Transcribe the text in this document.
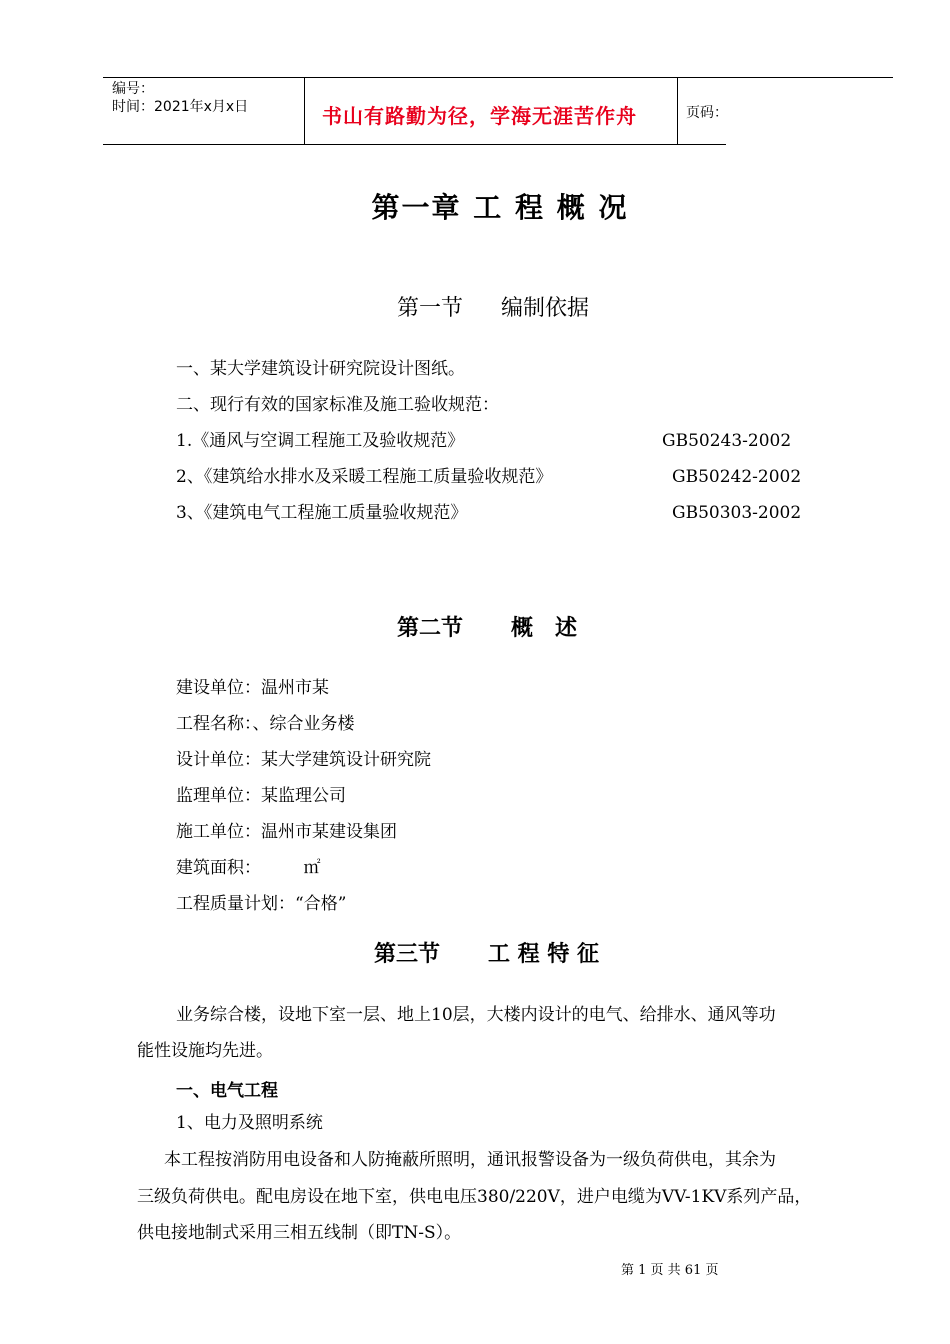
编号：
时间：2021年x月x日	书山有路勤为径，学海无涯苦作舟	页码：
第一章 工 程 概 况
第一节 编制依据
一、某大学建筑设计研究院设计图纸。
二、现行有效的国家标准及施工验收规范：
1.《通风与空调工程施工及验收规范》	GB50243-2002
2、《建筑给水排水及采暖工程施工质量验收规范》	GB50242-2002
3、《建筑电气工程施工质量验收规范》	GB50303-2002
第二节 概　述
建设单位：温州市某
工程名称：、综合业务楼
设计单位：某大学建筑设计研究院
监理单位：某监理公司
施工单位：温州市某建设集团
建筑面积：　　　㎡
工程质量计划：“合格”
第三节 工 程 特 征
业务综合楼，设地下室一层、地上10层，大楼内设计的电气、给排水、通风等功
能性设施均先进。
一、电气工程
1、电力及照明系统
本工程按消防用电设备和人防掩蔽所照明，通讯报警设备为一级负荷供电，其余为
三级负荷供电。配电房设在地下室，供电电压380/220V，进户电缆为VV-1KV系列产品，
供电接地制式采用三相五线制（即TN-S）。
第 1 页 共 61 页
